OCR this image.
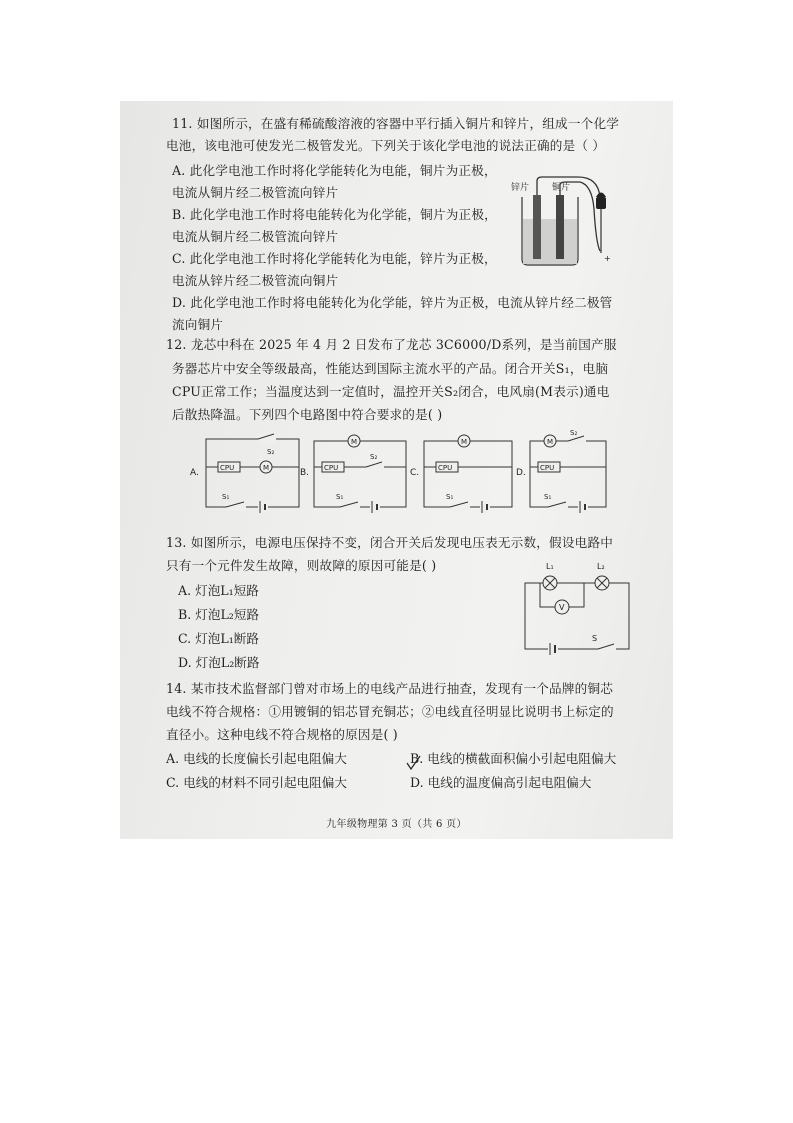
11. 如图所示，在盛有稀硫酸溶液的容器中平行插入铜片和锌片，组成一个化学
电池，该电池可使发光二极管发光。下列关于该化学电池的说法正确的是（ ）
A. 此化学电池工作时将化学能转化为电能，铜片为正极，
电流从铜片经二极管流向锌片
B. 此化学电池工作时将电能转化为化学能，铜片为正极，
电流从铜片经二极管流向锌片
C. 此化学电池工作时将化学能转化为电能，锌片为正极，
电流从锌片经二极管流向铜片
D. 此化学电池工作时将电能转化为化学能，锌片为正极，电流从锌片经二极管
流向铜片
锌片	铜片
+
12. 龙芯中科在 2025 年 4 月 2 日发布了龙芯 3C6000/D系列，是当前国产服
务器芯片中安全等级最高，性能达到国际主流水平的产品。闭合开关S₁，电脑
CPU正常工作；当温度达到一定值时，温控开关S₂闭合，电风扇(M表示)通电
后散热降温。下列四个电路图中符合要求的是( )
A.	CPU	M
S₂
S₁
B.
M
CPU
S₂
S₁
C.
M
CPU
S₁
D.
M
S₂
CPU
S₁
13. 如图所示，电源电压保持不变，闭合开关后发现电压表无示数，假设电路中
只有一个元件发生故障，则故障的原因可能是( )
A. 灯泡L₁短路
B. 灯泡L₂短路
C. 灯泡L₁断路
D. 灯泡L₂断路
L₁	L₂
V
S
14. 某市技术监督部门曾对市场上的电线产品进行抽查，发现有一个品牌的铜芯
电线不符合规格：①用镀铜的铝芯冒充铜芯；②电线直径明显比说明书上标定的
直径小。这种电线不符合规格的原因是( )
A. 电线的长度偏长引起电阻偏大	B. 电线的横截面积偏小引起电阻偏大
C. 电线的材料不同引起电阻偏大	D. 电线的温度偏高引起电阻偏大
九年级物理第 3 页（共 6 页）
